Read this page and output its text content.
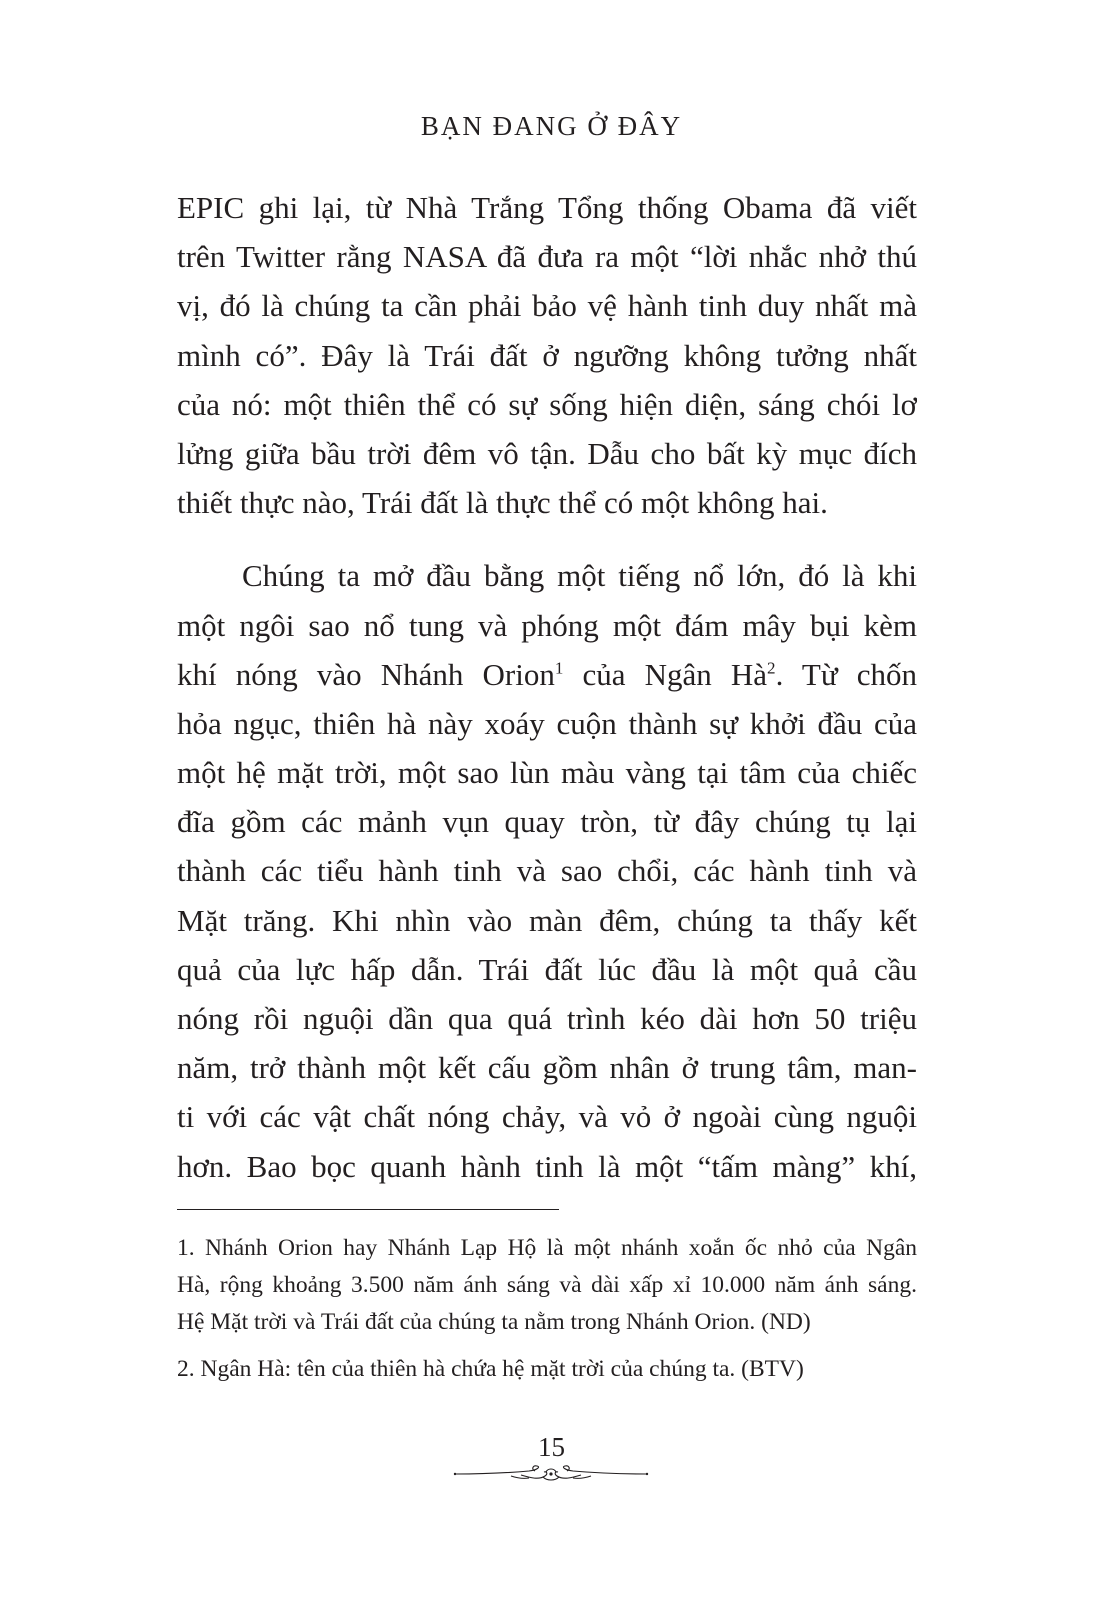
BẠN ĐANG Ở ĐÂY
EPIC ghi lại, từ Nhà Trắng Tổng thống Obama đã viết
trên Twitter rằng NASA đã đưa ra một “lời nhắc nhở thú
vị, đó là chúng ta cần phải bảo vệ hành tinh duy nhất mà
mình có”. Đây là Trái đất ở ngưỡng không tưởng nhất
của nó: một thiên thể có sự sống hiện diện, sáng chói lơ
lửng giữa bầu trời đêm vô tận. Dẫu cho bất kỳ mục đích
thiết thực nào, Trái đất là thực thể có một không hai.
Chúng ta mở đầu bằng một tiếng nổ lớn, đó là khi
một ngôi sao nổ tung và phóng một đám mây bụi kèm
khí nóng vào Nhánh Orion$^1$ của Ngân $Hà^2$. Từ chốn
hỏa ngục, thiên hà này xoáy cuộn thành sự khởi đầu của
một hệ mặt trời, một sao lùn màu vàng tại tâm của chiếc
đĩa gồm các mảnh vụn quay tròn, từ đây chúng tụ lại
thành các tiểu hành tinh và sao chổi, các hành tinh và
Mặt trăng. Khi nhìn vào màn đêm, chúng ta thấy kết
quả của lực hấp dẫn. Trái đất lúc đầu là một quả cầu
nóng rồi nguội dần qua quá trình kéo dài hơn 50 triệu
năm, trở thành một kết cấu gồm nhân ở trung tâm, man-
ti với các vật chất nóng chảy, và vỏ ở ngoài cùng nguội
hơn. Bao bọc quanh hành tinh là một “tấm màng” khí,
1. Nhánh Orion hay Nhánh Lạp Hộ là một nhánh xoắn ốc nhỏ của Ngân
Hà, rộng khoảng 3.500 năm ánh sáng và dài xấp xỉ 10.000 năm ánh sáng.
Hệ Mặt trời và Trái đất của chúng ta nằm trong Nhánh Orion. (ND)
2. Ngân Hà: tên của thiên hà chứa hệ mặt trời của chúng ta. (BTV)
15
